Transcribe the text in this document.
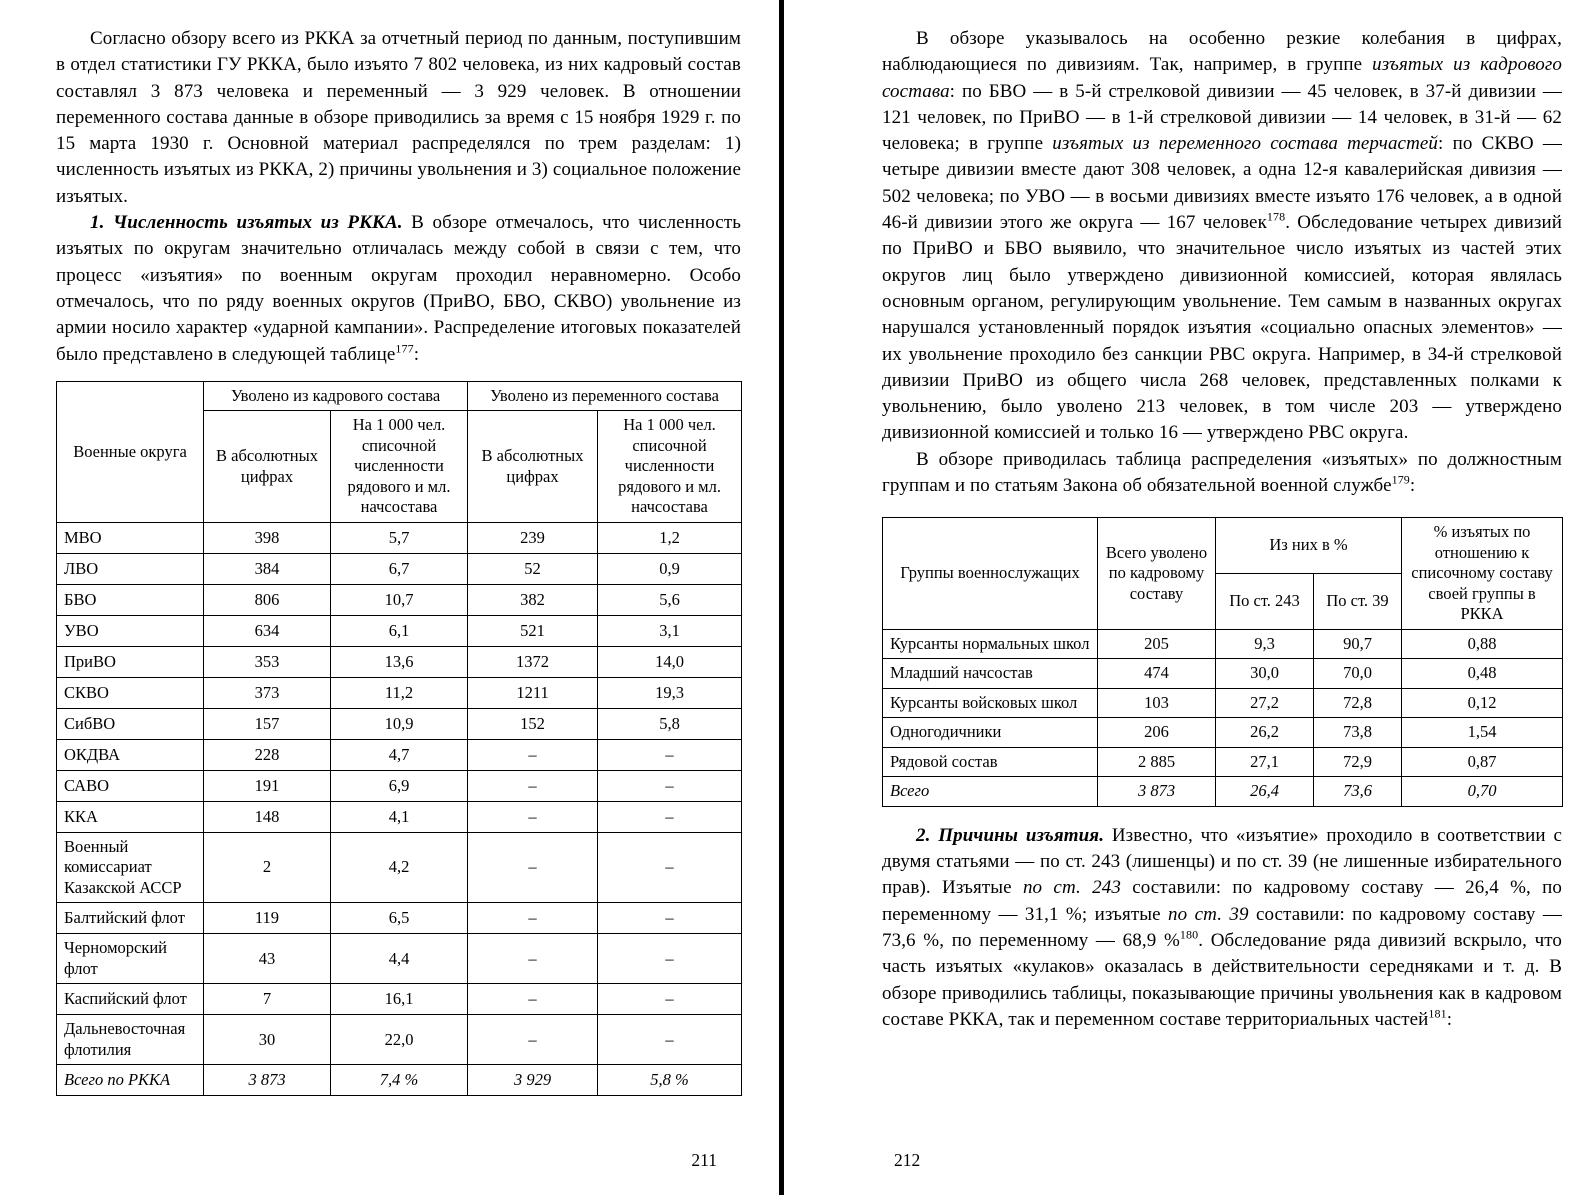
Согласно обзору всего из РККА за отчетный период по данным, поступившим в отдел статистики ГУ РККА, было изъято 7 802 человека, из них кадровый состав составлял 3 873 человека и переменный — 3 929 человек. В отношении переменного состава данные в обзоре приводились за время с 15 ноября 1929 г. по 15 марта 1930 г. Основной материал распределялся по трем разделам: 1) численность изъятых из РККА, 2) причины увольнения и 3) социальное положение изъятых.

1. Численность изъятых из РККА. В обзоре отмечалось, что численность изъятых по округам значительно отличалась между собой в связи с тем, что процесс «изъятия» по военным округам проходил неравномерно. Особо отмечалось, что по ряду военных округов (ПриВО, БВО, СКВО) увольнение из армии носило характер «ударной кампании». Распределение итоговых показателей было представлено в следующей таблице$^{177}$:

Военные округа	Уволено из кадрового состава		Уволено из переменного состава	
	В абсолютных цифрах	На 1 000 чел. списочной численности рядового и мл. начсостава	В абсолютных цифрах	На 1 000 чел. списочной численности рядового и мл. начсостава
МВО	398	5,7	239	1,2
ЛВО	384	6,7	52	0,9
БВО	806	10,7	382	5,6
УВО	634	6,1	521	3,1
ПриВО	353	13,6	1372	14,0
СКВО	373	11,2	1211	19,3
СибВО	157	10,9	152	5,8
ОКДВА	228	4,7	–	–
САВО	191	6,9	–	–
ККА	148	4,1	–	–
Военный комиссариат Казакской АССР	2	4,2	–	–
Балтийский флот	119	6,5	–	–
Черноморский флот	43	4,4	–	–
Каспийский флот	7	16,1	–	–
Дальневосточная флотилия	30	22,0	–	–
Всего по РККА	3 873	7,4 %	3 929	5,8 %
211

В обзоре указывалось на особенно резкие колебания в цифрах, наблюдающиеся по дивизиям. Так, например, в группе изъятых из кадрового состава: по БВО — в 5-й стрелковой дивизии — 45 человек, в 37-й дивизии — 121 человек, по ПриВО — в 1-й стрелковой дивизии — 14 человек, в 31-й — 62 человека; в группе изъятых из переменного состава терчастей: по СКВО — четыре дивизии вместе дают 308 человек, а одна 12-я кавалерийская дивизия — 502 человека; по УВО — в восьми дивизиях вместе изъято 176 человек, а в одной 46-й дивизии этого же округа — 167 человек$^{178}$. Обследование четырех дивизий по ПриВО и БВО выявило, что значительное число изъятых из частей этих округов лиц было утверждено дивизионной комиссией, которая являлась основным органом, регулирующим увольнение. Тем самым в названных округах нарушался установленный порядок изъятия «социально опасных элементов» — их увольнение проходило без санкции РВС округа. Например, в 34-й стрелковой дивизии ПриВО из общего числа 268 человек, представленных полками к увольнению, было уволено 213 человек, в том числе 203 — утверждено дивизионной комиссией и только 16 — утверждено РВС округа.

В обзоре приводилась таблица распределения «изъятых» по должностным группам и по статьям Закона об обязательной военной службе$^{179}$:

Группы военнослужащих	Всего уволено по кадровому составу	Из них в %		% изъятых по отношению к списочному составу своей группы в РККА
		По ст. 243	По ст. 39	
Курсанты нормальных школ	205	9,3	90,7	0,88
Младший начсостав	474	30,0	70,0	0,48
Курсанты войсковых школ	103	27,2	72,8	0,12
Одногодичники	206	26,2	73,8	1,54
Рядовой состав	2 885	27,1	72,9	0,87
Всего	3 873	26,4	73,6	0,70

2. Причины изъятия. Известно, что «изъятие» проходило в соответствии с двумя статьями — по ст. 243 (лишенцы) и по ст. 39 (не лишенные избирательного прав). Изъятые по ст. 243 составили: по кадровому составу — 26,4 %, по переменному — 31,1 %; изъятые по ст. 39 составили: по кадровому составу — 73,6 %, по переменному — 68,9 %$^{180}$. Обследование ряда дивизий вскрыло, что часть изъятых «кулаков» оказалась в действительности середняками и т. д. В обзоре приводились таблицы, показывающие причины увольнения как в кадровом составе РККА, так и переменном составе территориальных частей$^{181}$:

212
